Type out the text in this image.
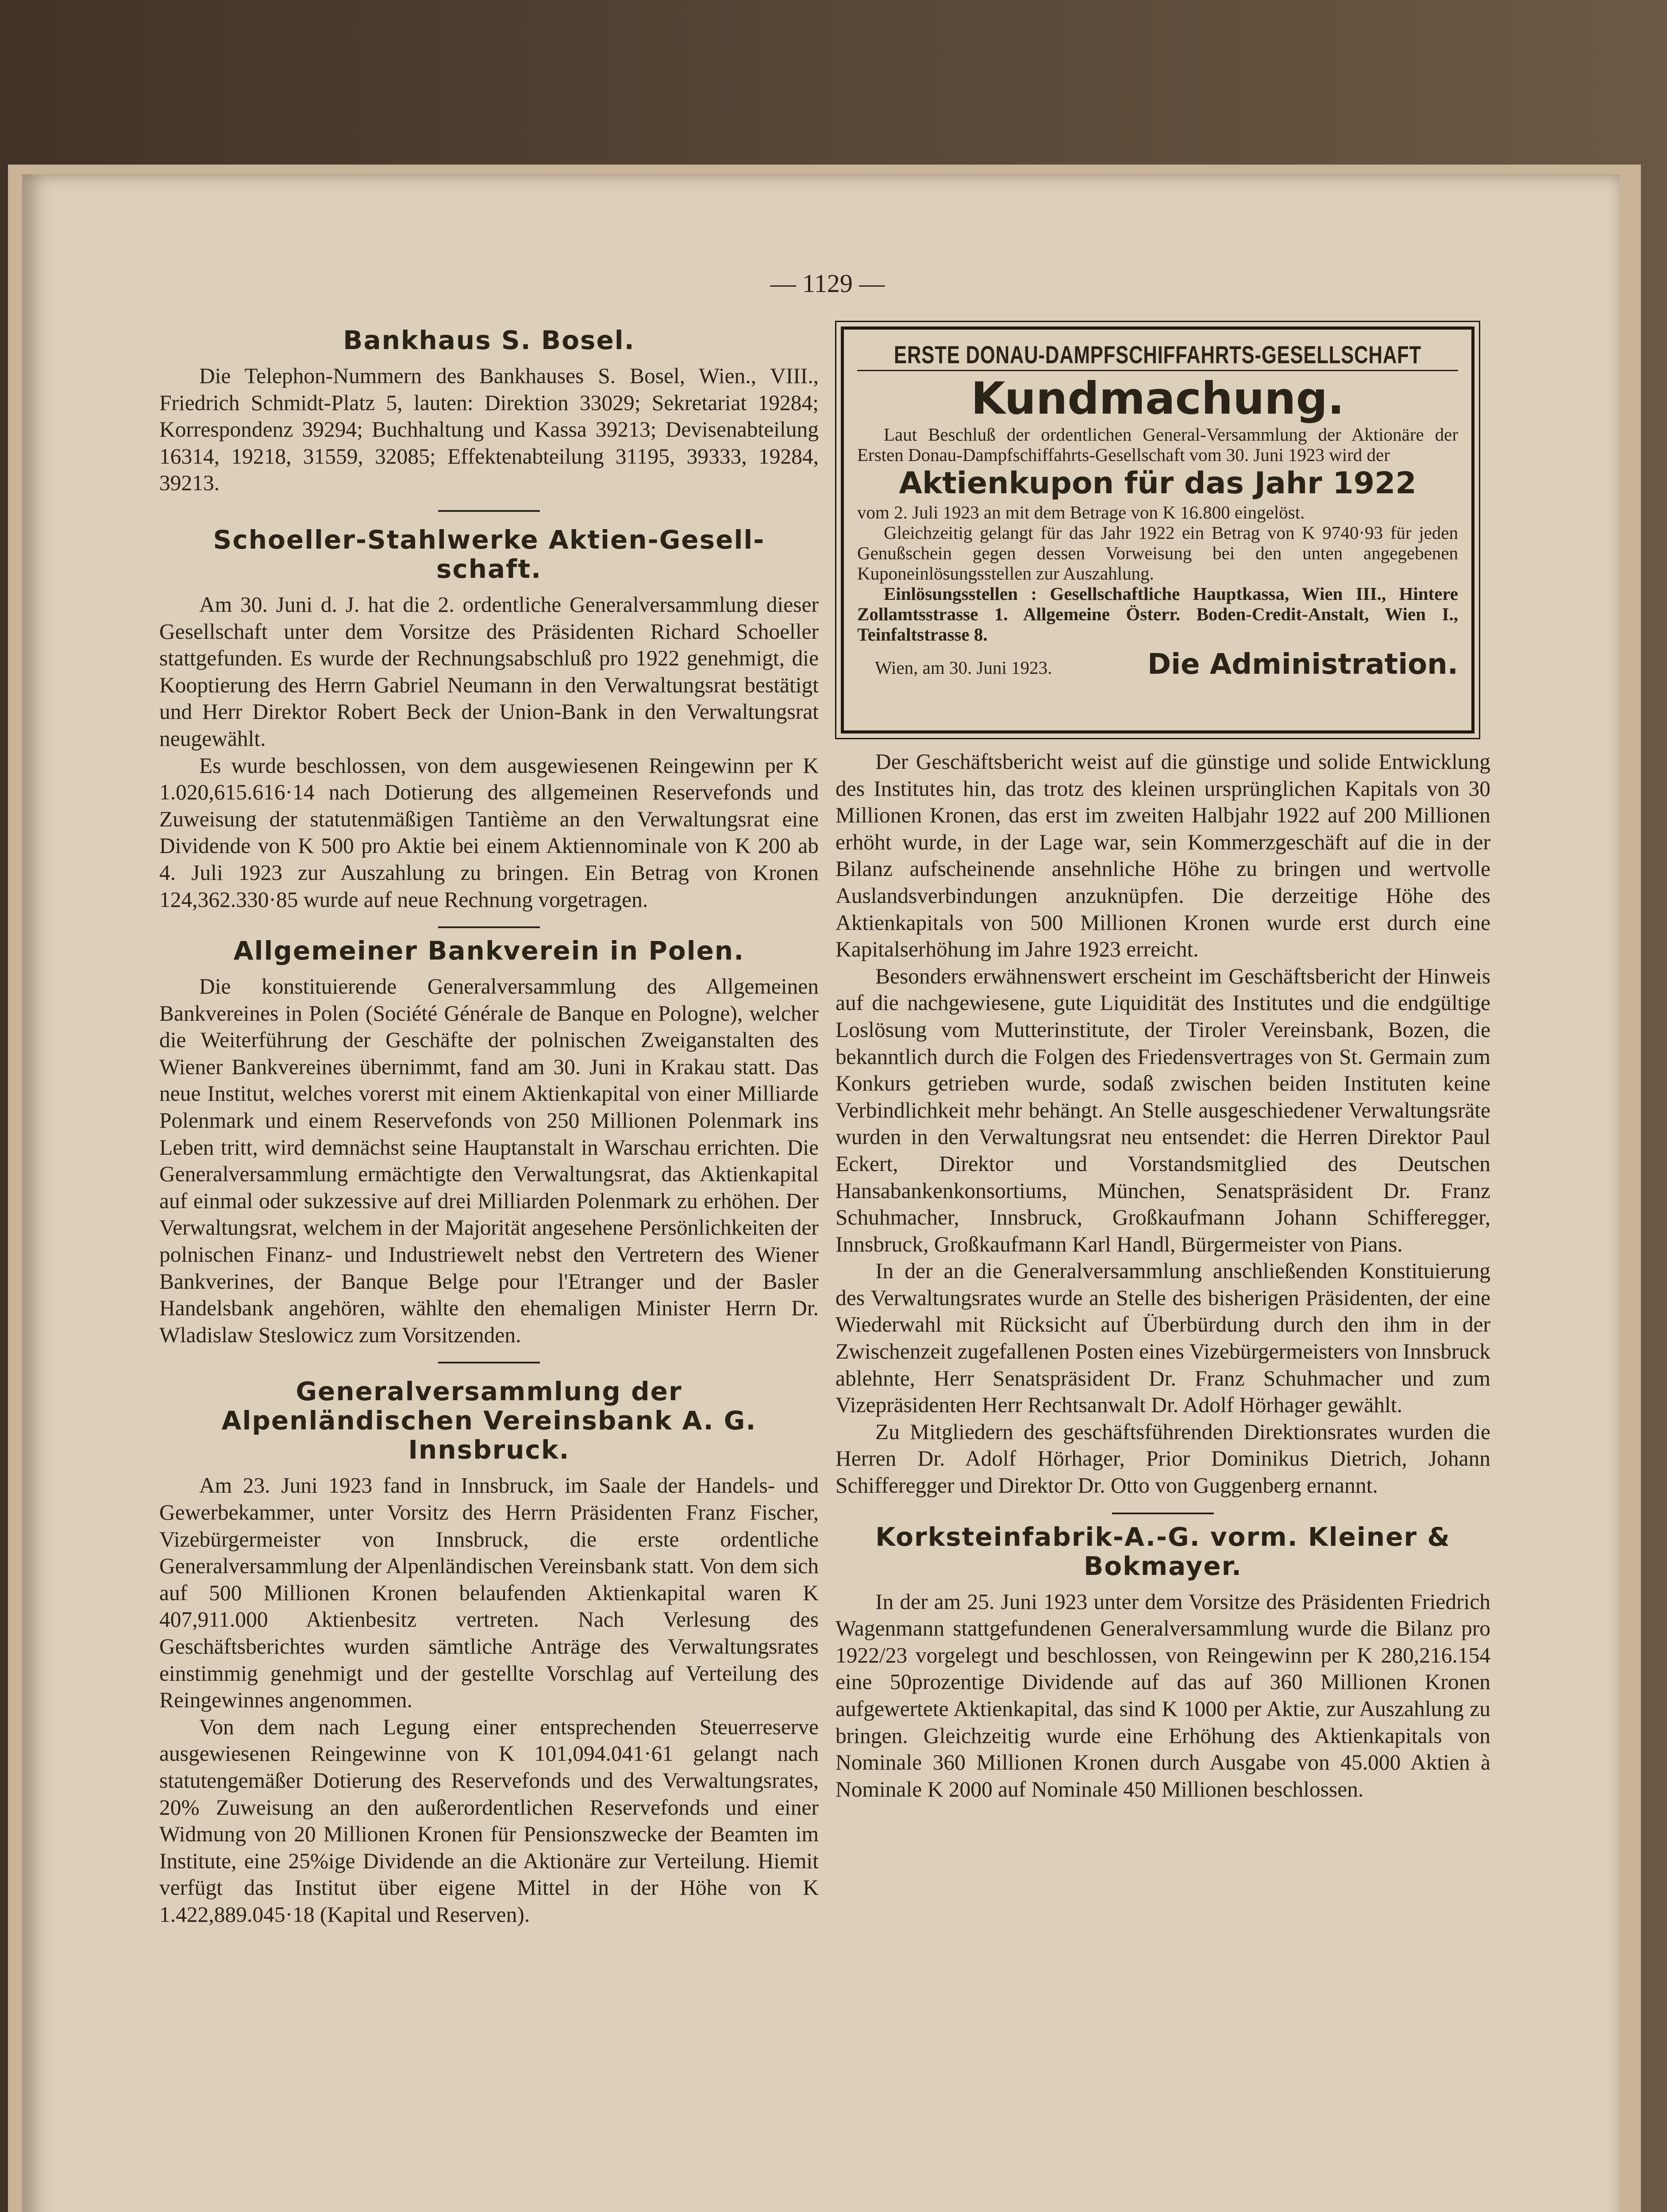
— 1129 —
Bankhaus S. Bosel.

Die Telephon-Nummern des Bankhauses S. Bosel, Wien., VIII., Friedrich Schmidt-Platz 5, lauten: Direktion 33029; Sekretariat 19284; Korrespondenz 39294; Buchhaltung und Kassa 39213; Devisenabteilung 16314, 19218, 31559, 32085; Effektenabteilung 31195, 39333, 19284, 39213.

Schoeller-Stahlwerke Aktien-Gesell-
schaft.

Am 30. Juni d. J. hat die 2. ordentliche Generalversammlung dieser Gesellschaft unter dem Vorsitze des Präsidenten Richard Schoeller stattgefunden. Es wurde der Rechnungsabschluß pro 1922 genehmigt, die Kooptierung des Herrn Gabriel Neumann in den Verwaltungsrat bestätigt und Herr Direktor Robert Beck der Union-Bank in den Verwaltungsrat neugewählt.

Es wurde beschlossen, von dem ausgewiesenen Reingewinn per K 1.020,615.616·14 nach Dotierung des allgemeinen Reservefonds und Zuweisung der statutenmäßigen Tantième an den Verwaltungsrat eine Dividende von K 500 pro Aktie bei einem Aktiennominale von K 200 ab 4. Juli 1923 zur Auszahlung zu bringen. Ein Betrag von Kronen 124,362.330·85 wurde auf neue Rechnung vorgetragen.

Allgemeiner Bankverein in Polen.

Die konstituierende Generalversammlung des Allgemeinen Bankvereines in Polen (Société Générale de Banque en Pologne), welcher die Weiterführung der Geschäfte der polnischen Zweiganstalten des Wiener Bankvereines übernimmt, fand am 30. Juni in Krakau statt. Das neue Institut, welches vorerst mit einem Aktienkapital von einer Milliarde Polenmark und einem Reservefonds von 250 Millionen Polenmark ins Leben tritt, wird demnächst seine Hauptanstalt in Warschau errichten. Die Generalversammlung ermächtigte den Verwaltungsrat, das Aktienkapital auf einmal oder sukzessive auf drei Milliarden Polenmark zu erhöhen. Der Verwaltungsrat, welchem in der Majorität angesehene Persönlichkeiten der polnischen Finanz- und Industriewelt nebst den Vertretern des Wiener Bankverines, der Banque Belge pour l'Etranger und der Basler Handelsbank angehören, wählte den ehemaligen Minister Herrn Dr. Wladislaw Steslowicz zum Vorsitzenden.

Generalversammlung der
Alpenländischen Vereinsbank A. G.
Innsbruck.

Am 23. Juni 1923 fand in Innsbruck, im Saale der Handels- und Gewerbekammer, unter Vorsitz des Herrn Präsidenten Franz Fischer, Vizebürgermeister von Innsbruck, die erste ordentliche Generalversammlung der Alpenländischen Vereinsbank statt. Von dem sich auf 500 Millionen Kronen belaufenden Aktienkapital waren K 407,911.000 Aktienbesitz vertreten. Nach Verlesung des Geschäftsberichtes wurden sämtliche Anträge des Verwaltungsrates einstimmig genehmigt und der gestellte Vorschlag auf Verteilung des Reingewinnes angenommen.

Von dem nach Legung einer entsprechenden Steuerreserve ausgewiesenen Reingewinne von K 101,094.041·61 gelangt nach statutengemäßer Dotierung des Reservefonds und des Verwaltungsrates, 20% Zuweisung an den außerordentlichen Reservefonds und einer Widmung von 20 Millionen Kronen für Pensionszwecke der Beamten im Institute, eine 25%ige Dividende an die Aktionäre zur Verteilung. Hiemit verfügt das Institut über eigene Mittel in der Höhe von K 1.422,889.045·18 (Kapital und Reserven).

ERSTE DONAU-DAMPFSCHIFFAHRTS-GESELLSCHAFT
Kundmachung.

Laut Beschluß der ordentlichen General-Versammlung der Aktionäre der Ersten Donau-Dampfschiffahrts-Gesellschaft vom 30. Juni 1923 wird der

Aktienkupon für das Jahr 1922

vom 2. Juli 1923 an mit dem Betrage von K 16.800 eingelöst.

Gleichzeitig gelangt für das Jahr 1922 ein Betrag von K 9740·93 für jeden Genußschein gegen dessen Vorweisung bei den unten angegebenen Kuponeinlösungsstellen zur Auszahlung.

Einlösungsstellen : Gesellschaftliche Hauptkassa, Wien III., Hintere Zollamtsstrasse 1. Allgemeine Österr. Boden-Credit-Anstalt, Wien I., Teinfaltstrasse 8.

Wien, am 30. Juni 1923.	Die Administration.

Der Geschäftsbericht weist auf die günstige und solide Entwicklung des Institutes hin, das trotz des kleinen ursprünglichen Kapitals von 30 Millionen Kronen, das erst im zweiten Halbjahr 1922 auf 200 Millionen erhöht wurde, in der Lage war, sein Kommerzgeschäft auf die in der Bilanz aufscheinende ansehnliche Höhe zu bringen und wertvolle Auslandsverbindungen anzuknüpfen. Die derzeitige Höhe des Aktienkapitals von 500 Millionen Kronen wurde erst durch eine Kapitalserhöhung im Jahre 1923 erreicht.

Besonders erwähnenswert erscheint im Geschäftsbericht der Hinweis auf die nachgewiesene, gute Liquidität des Institutes und die endgültige Loslösung vom Mutterinstitute, der Tiroler Vereinsbank, Bozen, die bekanntlich durch die Folgen des Friedensvertrages von St. Germain zum Konkurs getrieben wurde, sodaß zwischen beiden Instituten keine Verbindlichkeit mehr behängt. An Stelle ausgeschiedener Verwaltungsräte wurden in den Verwaltungsrat neu entsendet: die Herren Direktor Paul Eckert, Direktor und Vorstandsmitglied des Deutschen Hansabankenkonsortiums, München, Senatspräsident Dr. Franz Schuhmacher, Innsbruck, Großkaufmann Johann Schifferegger, Innsbruck, Großkaufmann Karl Handl, Bürgermeister von Pians.

In der an die Generalversammlung anschließenden Konstituierung des Verwaltungsrates wurde an Stelle des bisherigen Präsidenten, der eine Wiederwahl mit Rücksicht auf Überbürdung durch den ihm in der Zwischenzeit zugefallenen Posten eines Vizebürgermeisters von Innsbruck ablehnte, Herr Senatspräsident Dr. Franz Schuhmacher und zum Vizepräsidenten Herr Rechtsanwalt Dr. Adolf Hörhager gewählt.

Zu Mitgliedern des geschäftsführenden Direktionsrates wurden die Herren Dr. Adolf Hörhager, Prior Dominikus Dietrich, Johann Schifferegger und Direktor Dr. Otto von Guggenberg ernannt.

Korksteinfabrik-A.-G. vorm. Kleiner &
Bokmayer.

In der am 25. Juni 1923 unter dem Vorsitze des Präsidenten Friedrich Wagenmann stattgefundenen Generalversammlung wurde die Bilanz pro 1922/23 vorgelegt und beschlossen, von Reingewinn per K 280,216.154 eine 50prozentige Dividende auf das auf 360 Millionen Kronen aufgewertete Aktienkapital, das sind K 1000 per Aktie, zur Auszahlung zu bringen. Gleichzeitig wurde eine Erhöhung des Aktienkapitals von Nominale 360 Millionen Kronen durch Ausgabe von 45.000 Aktien à Nominale K 2000 auf Nominale 450 Millionen beschlossen.
